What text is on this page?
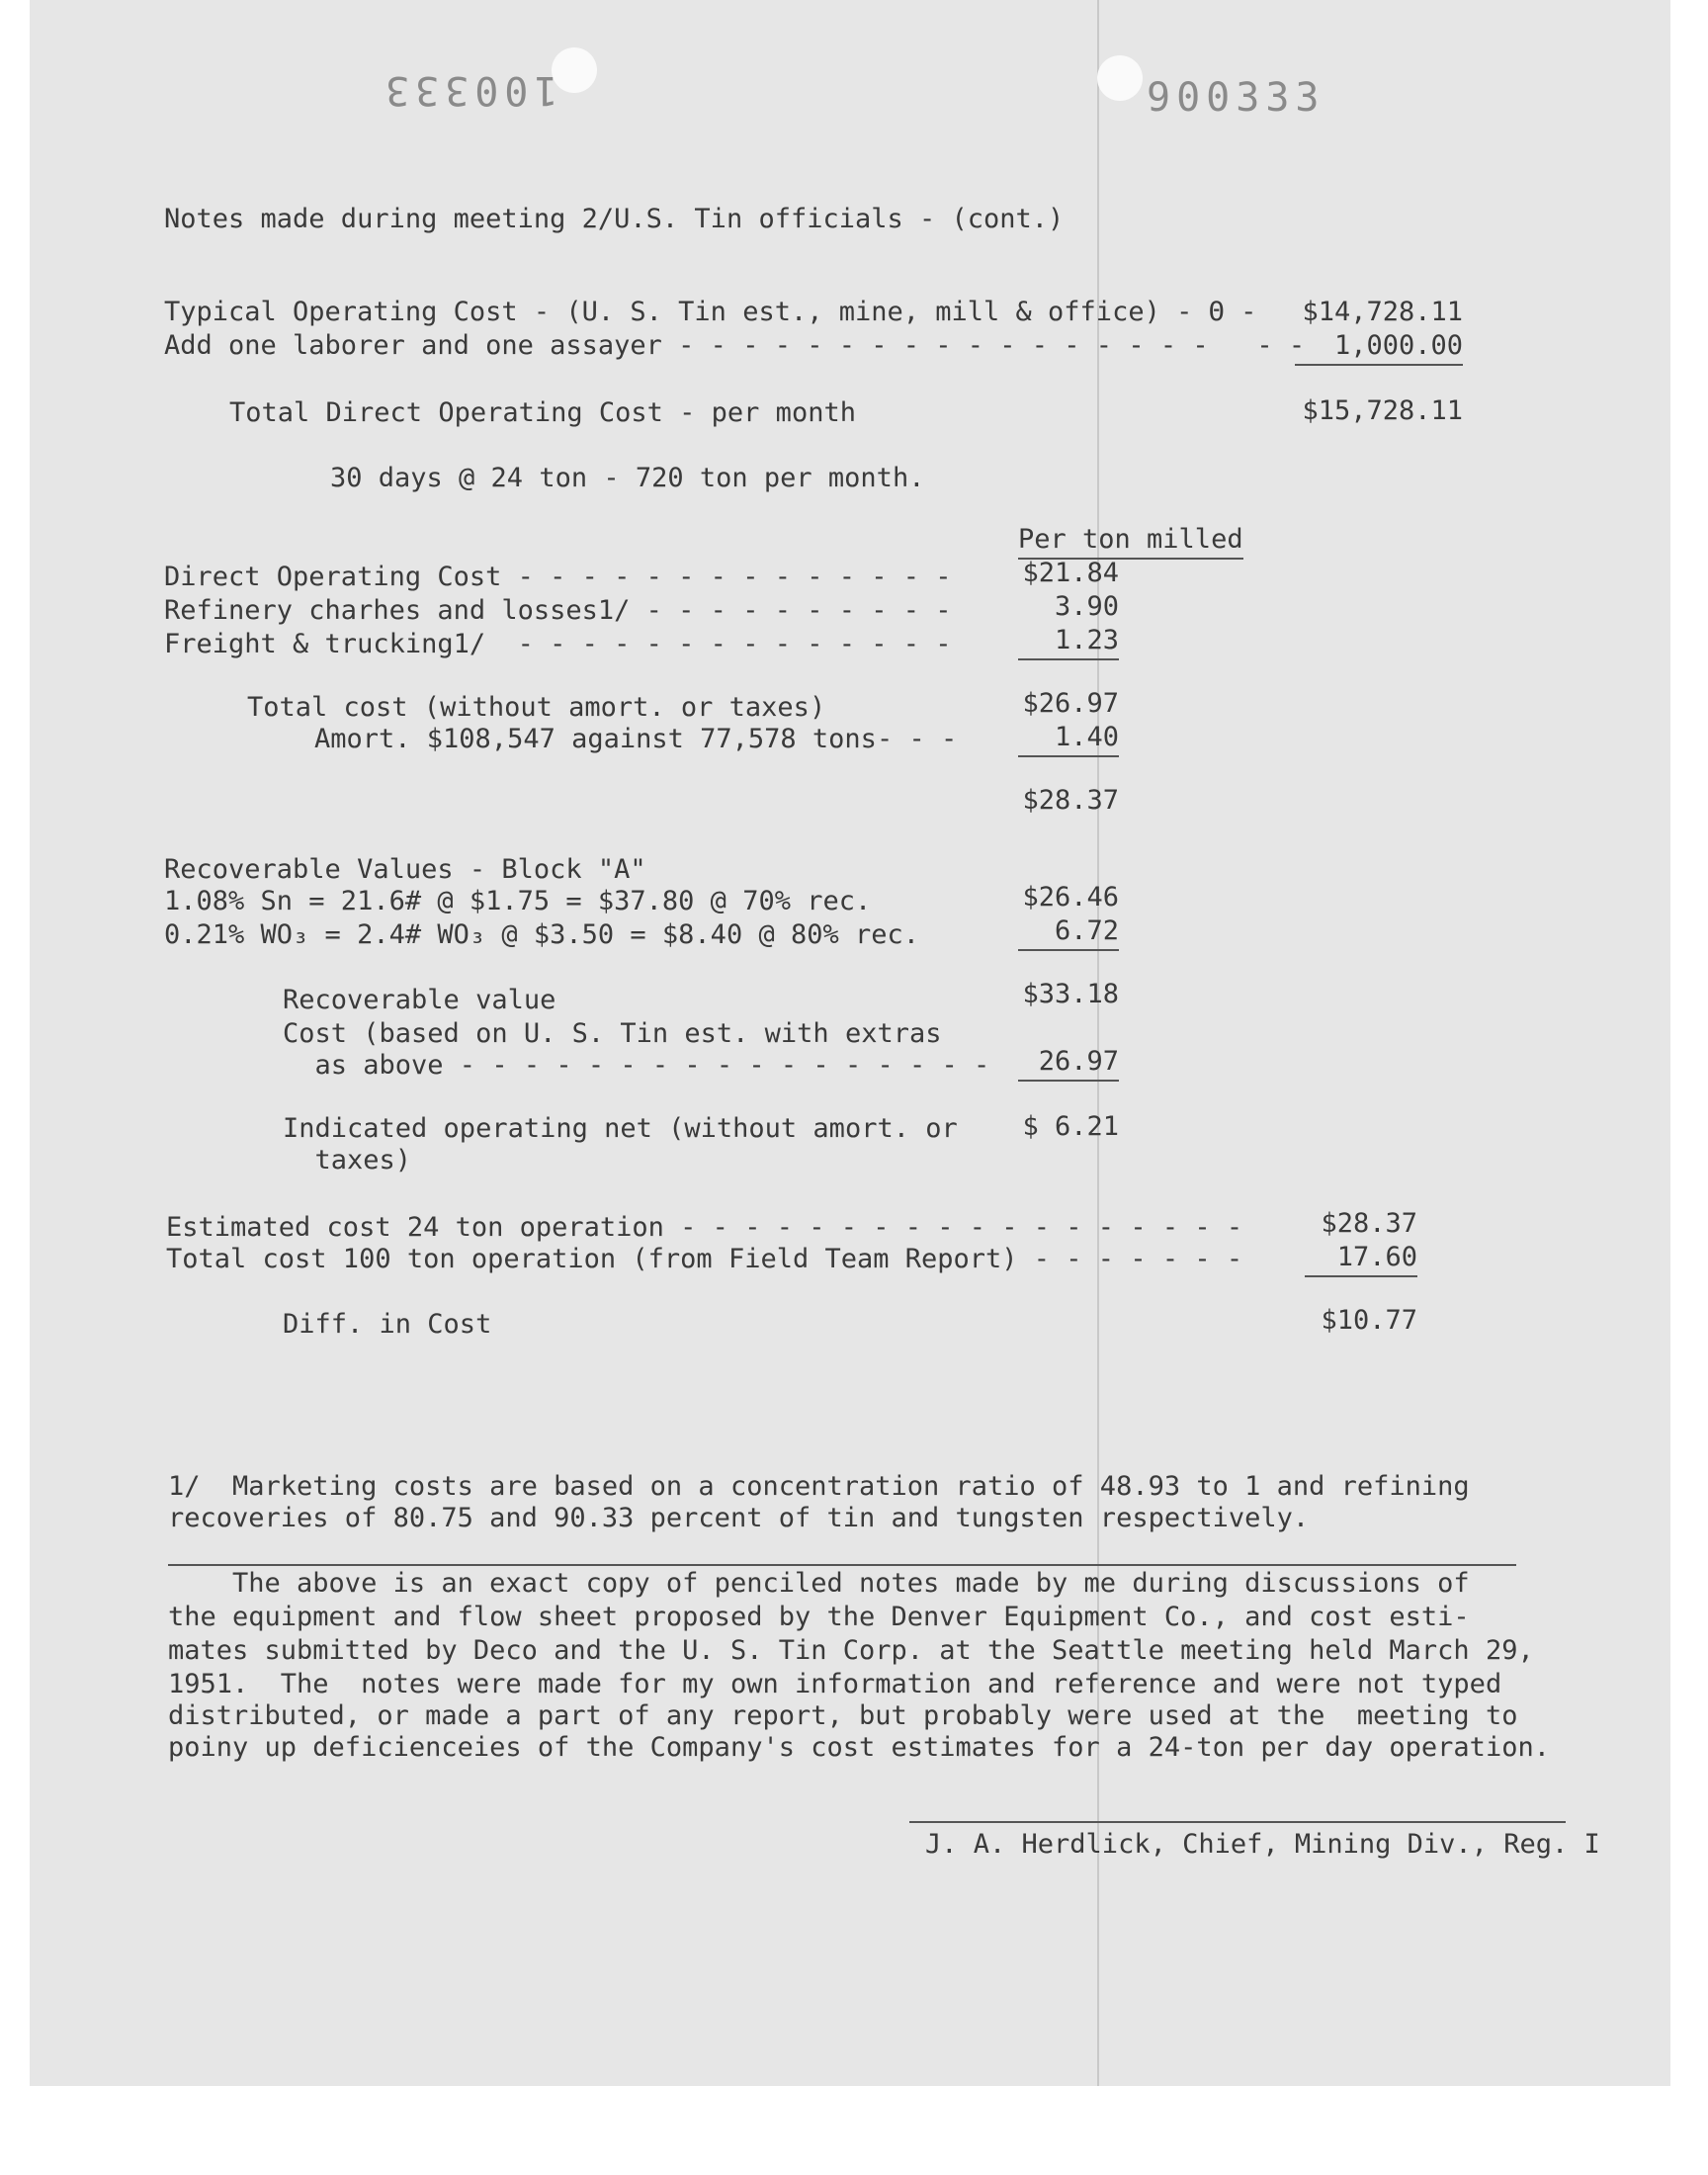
100333	900333
Notes made during meeting 2/U.S. Tin officials - (cont.)
Typical Operating Cost - (U. S. Tin est., mine, mill & office) - Θ -	$14,728.11
Add one laborer and one assayer - - - - - - - - - - - - - - - - -   - -	1,000.00
Total Direct Operating Cost - per month	$15,728.11
30 days @ 24 ton - 720 ton per month.
Per ton milled
Direct Operating Cost - - - - - - - - - - - - - -	$21.84
Refinery charhes and losses1/ - - - - - - - - - -	3.90
Freight & trucking1/  - - - - - - - - - - - - - -	1.23
Total cost (without amort. or taxes)	$26.97
Amort. $108,547 against 77,578 tons- - -	1.40
$28.37
Recoverable Values - Block "A"
1.08% Sn = 21.6# @ $1.75 = $37.80 @ 70% rec.	$26.46
0.21% WO₃ = 2.4# WO₃ @ $3.50 = $8.40 @ 80% rec.	6.72
Recoverable value	$33.18
Cost (based on U. S. Tin est. with extras
as above - - - - - - - - - - - - - - - - -	26.97
Indicated operating net (without amort. or
taxes)
$ 6.21
Estimated cost 24 ton operation - - - - - - - - - - - - - - - - - -	$28.37
Total cost 100 ton operation (from Field Team Report) - - - - - - -	17.60
Diff. in Cost	$10.77
1/  Marketing costs are based on a concentration ratio of 48.93 to 1 and refining
recoveries of 80.75 and 90.33 percent of tin and tungsten respectively.
The above is an exact copy of penciled notes made by me during discussions of
the equipment and flow sheet proposed by the Denver Equipment Co., and cost esti-
mates submitted by Deco and the U. S. Tin Corp. at the Seattle meeting held March 29,
1951.  The  notes were made for my own information and reference and were not typed
distributed, or made a part of any report, but probably were used at the  meeting to
poiny up deficienceies of the Company's cost estimates for a 24-ton per day operation.
J. A. Herdlick, Chief, Mining Div., Reg. I
